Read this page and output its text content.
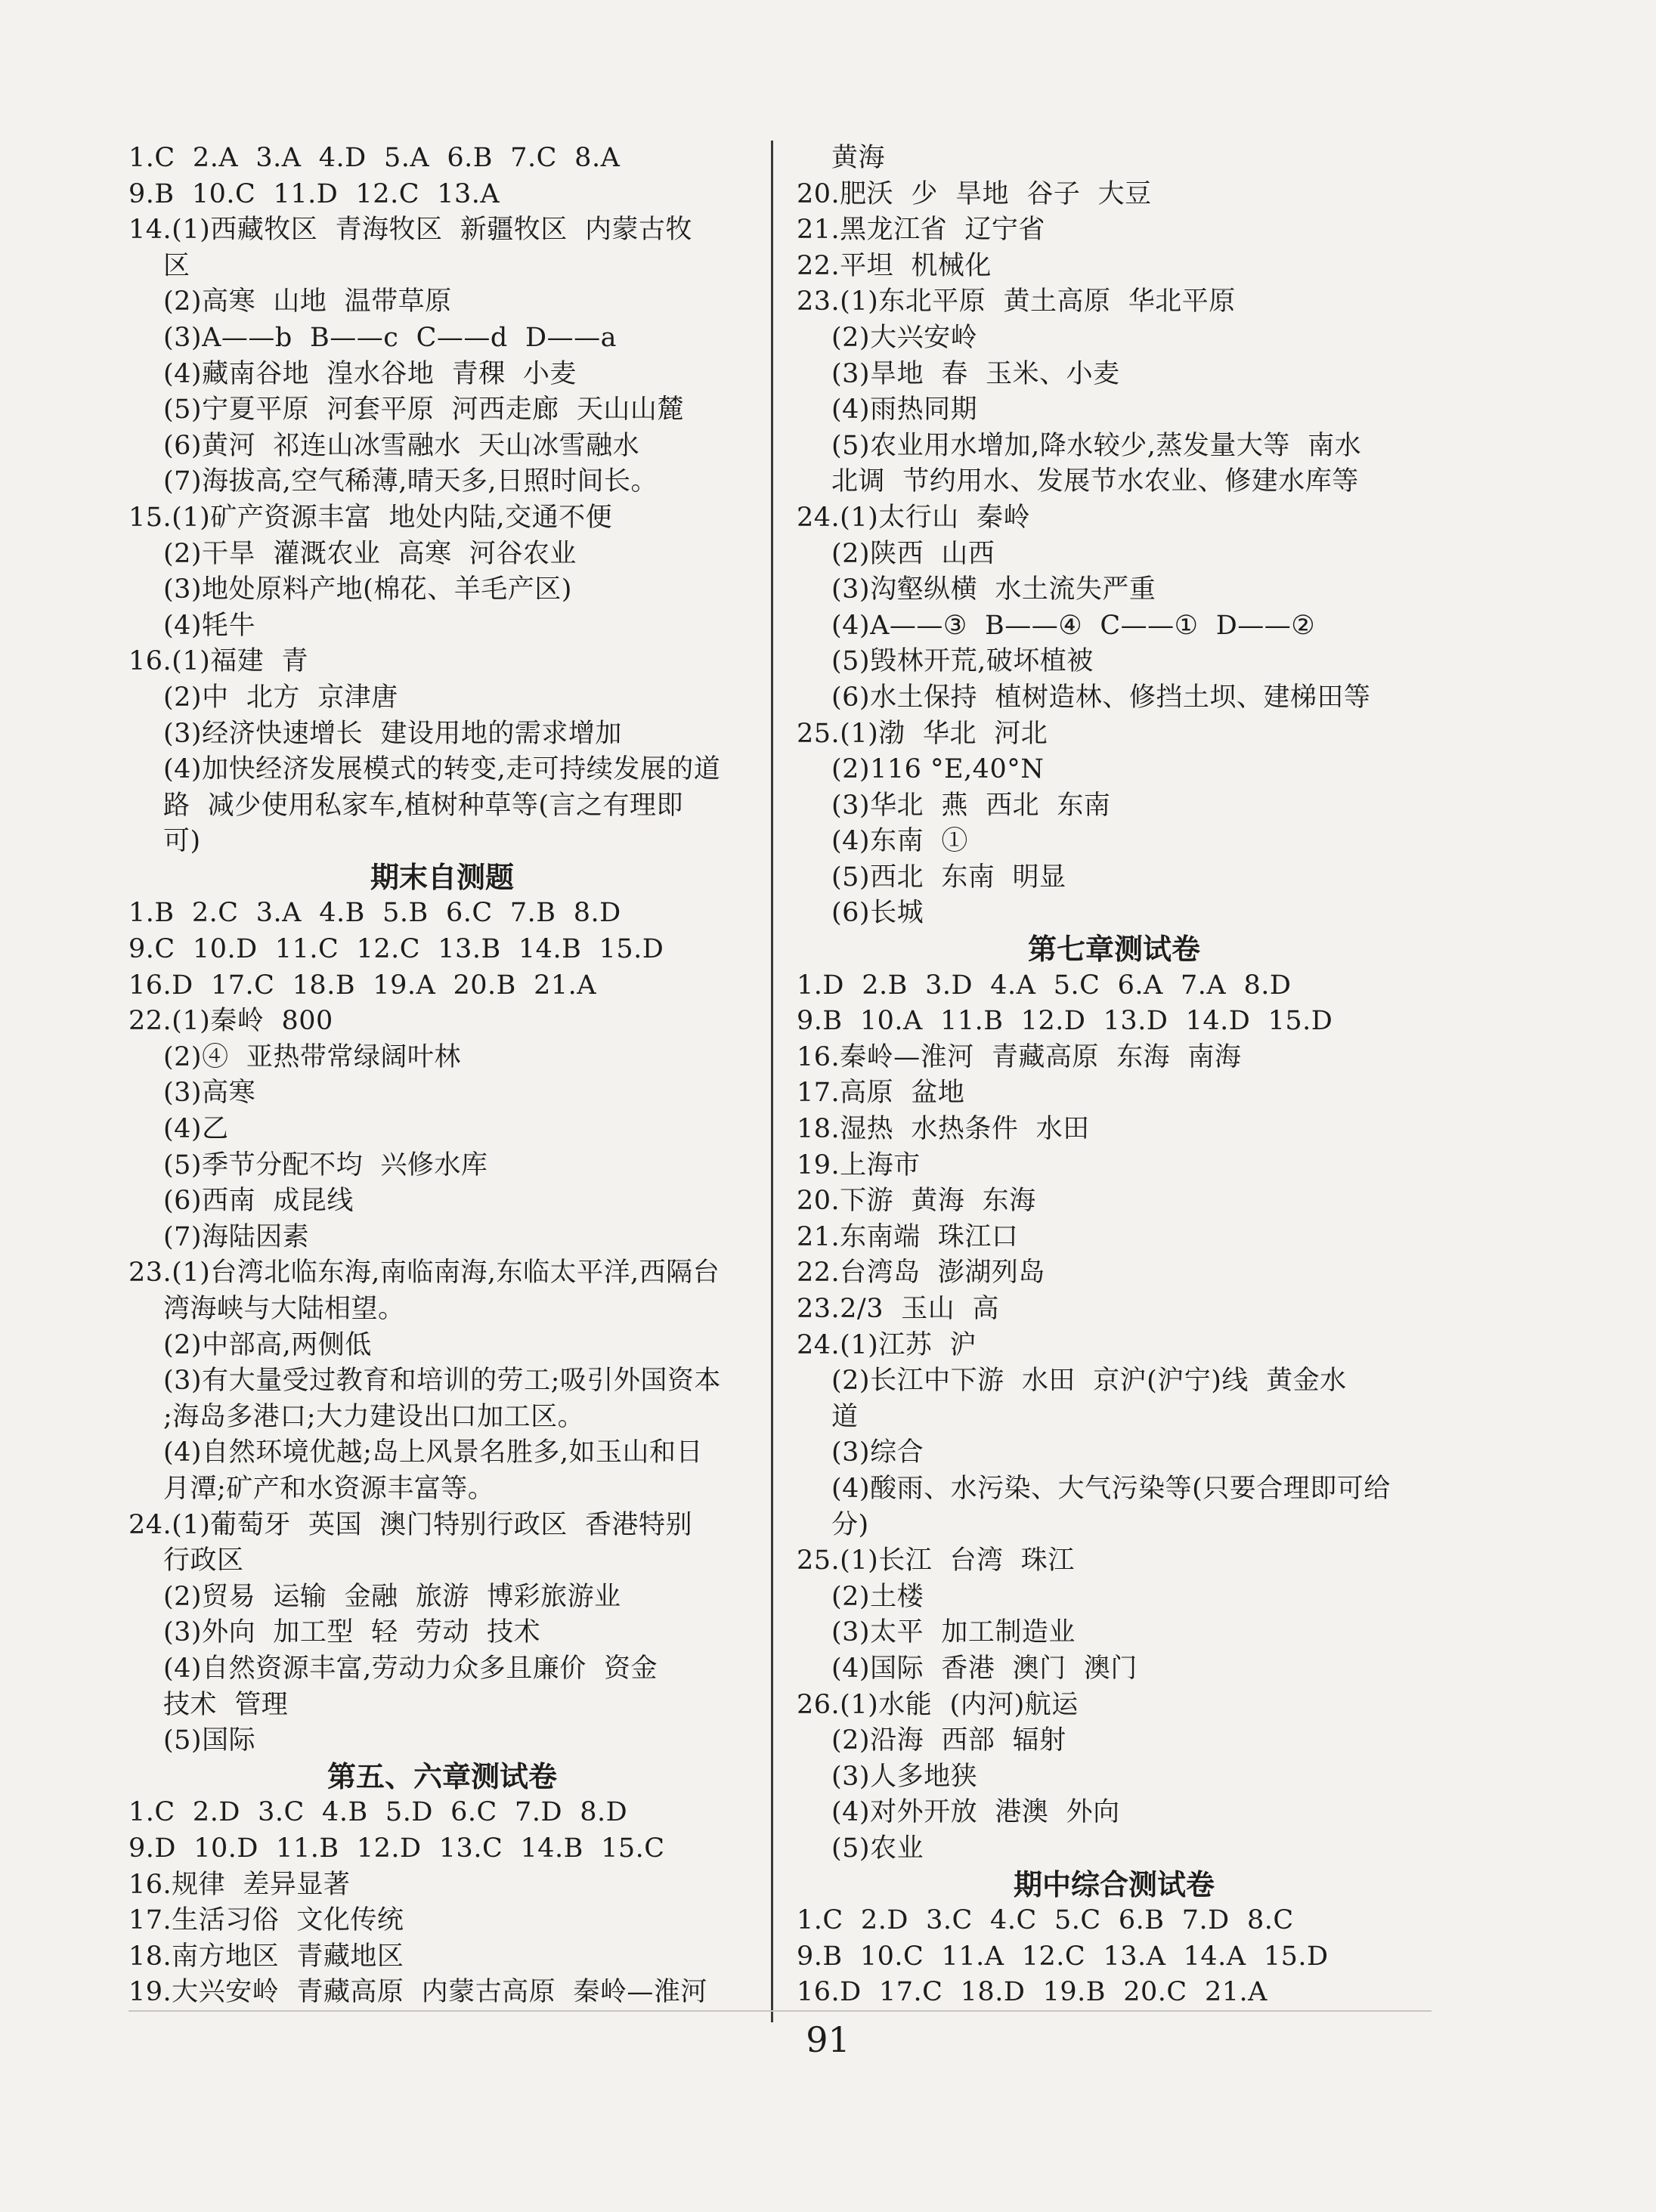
1.C  2.A  3.A  4.D  5.A  6.B  7.C  8.A
9.B  10.C  11.D  12.C  13.A
14.(1)西藏牧区  青海牧区  新疆牧区  内蒙古牧
区
(2)高寒  山地  温带草原
(3)A——b  B——c  C——d  D——a
(4)藏南谷地  湟水谷地  青稞  小麦
(5)宁夏平原  河套平原  河西走廊  天山山麓
(6)黄河  祁连山冰雪融水  天山冰雪融水
(7)海拔高,空气稀薄,晴天多,日照时间长。
15.(1)矿产资源丰富  地处内陆,交通不便
(2)干旱  灌溉农业  高寒  河谷农业
(3)地处原料产地(棉花、羊毛产区)
(4)牦牛
16.(1)福建  青
(2)中  北方  京津唐
(3)经济快速增长  建设用地的需求增加
(4)加快经济发展模式的转变,走可持续发展的道
路  减少使用私家车,植树种草等(言之有理即
可)
期末自测题
1.B  2.C  3.A  4.B  5.B  6.C  7.B  8.D
9.C  10.D  11.C  12.C  13.B  14.B  15.D
16.D  17.C  18.B  19.A  20.B  21.A
22.(1)秦岭  800
(2)④  亚热带常绿阔叶林
(3)高寒
(4)乙
(5)季节分配不均  兴修水库
(6)西南  成昆线
(7)海陆因素
23.(1)台湾北临东海,南临南海,东临太平洋,西隔台
湾海峡与大陆相望。
(2)中部高,两侧低
(3)有大量受过教育和培训的劳工;吸引外国资本
;海岛多港口;大力建设出口加工区。
(4)自然环境优越;岛上风景名胜多,如玉山和日
月潭;矿产和水资源丰富等。
24.(1)葡萄牙  英国  澳门特别行政区  香港特别
行政区
(2)贸易  运输  金融  旅游  博彩旅游业
(3)外向  加工型  轻  劳动  技术
(4)自然资源丰富,劳动力众多且廉价  资金
技术  管理
(5)国际
第五、六章测试卷
1.C  2.D  3.C  4.B  5.D  6.C  7.D  8.D
9.D  10.D  11.B  12.D  13.C  14.B  15.C
16.规律  差异显著
17.生活习俗  文化传统
18.南方地区  青藏地区
19.大兴安岭  青藏高原  内蒙古高原  秦岭—淮河
黄海
20.肥沃  少  旱地  谷子  大豆
21.黑龙江省  辽宁省
22.平坦  机械化
23.(1)东北平原  黄土高原  华北平原
(2)大兴安岭
(3)旱地  春  玉米、小麦
(4)雨热同期
(5)农业用水增加,降水较少,蒸发量大等  南水
北调  节约用水、发展节水农业、修建水库等
24.(1)太行山  秦岭
(2)陕西  山西
(3)沟壑纵横  水土流失严重
(4)A——③  B——④  C——①  D——②
(5)毁林开荒,破坏植被
(6)水土保持  植树造林、修挡土坝、建梯田等
25.(1)渤  华北  河北
(2)116 °E,40°N
(3)华北  燕  西北  东南
(4)东南  ①
(5)西北  东南  明显
(6)长城
第七章测试卷
1.D  2.B  3.D  4.A  5.C  6.A  7.A  8.D
9.B  10.A  11.B  12.D  13.D  14.D  15.D
16.秦岭—淮河  青藏高原  东海  南海
17.高原  盆地
18.湿热  水热条件  水田
19.上海市
20.下游  黄海  东海
21.东南端  珠江口
22.台湾岛  澎湖列岛
23.2/3  玉山  高
24.(1)江苏  沪
(2)长江中下游  水田  京沪(沪宁)线  黄金水
道
(3)综合
(4)酸雨、水污染、大气污染等(只要合理即可给
分)
25.(1)长江  台湾  珠江
(2)土楼
(3)太平  加工制造业
(4)国际  香港  澳门  澳门
26.(1)水能  (内河)航运
(2)沿海  西部  辐射
(3)人多地狭
(4)对外开放  港澳  外向
(5)农业
期中综合测试卷
1.C  2.D  3.C  4.C  5.C  6.B  7.D  8.C
9.B  10.C  11.A  12.C  13.A  14.A  15.D
16.D  17.C  18.D  19.B  20.C  21.A
91
